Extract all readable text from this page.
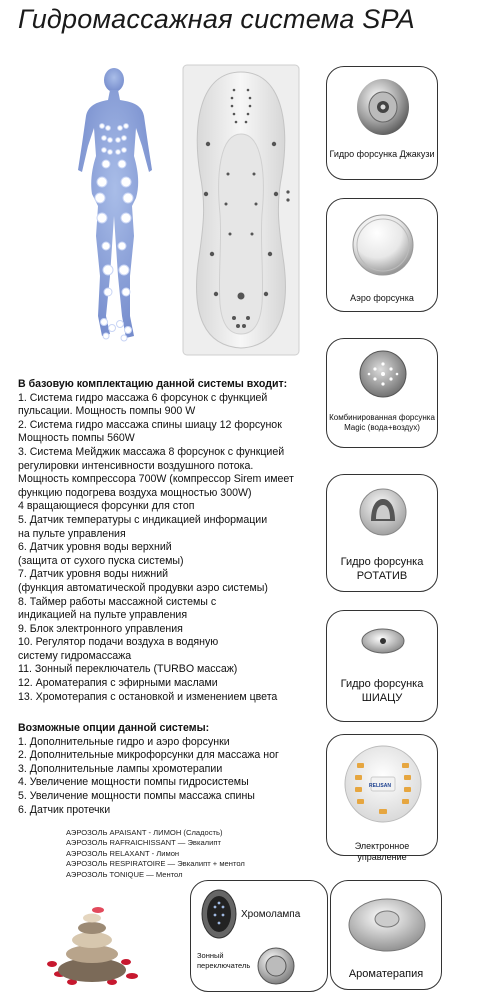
Гидромассажная система SPA
Гидро форсунка Джакузи
Аэро форсунка
Комбинированная форсунка Magic (вода+воздух)
Гидро форсунка РОТАТИВ
Гидро форсунка ШИАЦУ
RELISAN
Электронное управление
Ароматерапия
Хромолампа
Зонный переключатель
В базовую комплектацию данной системы входит:
1. Система гидро массажа 6 форсунок с функцией
пульсации. Мощность помпы 900 W
2. Система гидро массажа спины шиацу 12 форсунок
Мощность помпы 560W
3. Система Мейджик массажа 8 форсунок с функцией
регулировки интенсивности воздушного потока.
Мощность компрессора 700W (компрессор Sirem имеет
функцию подогрева воздуха мощностью 300W)
4 вращающиеся форсунки для стоп
5. Датчик температуры с индикацией информации
на пульте управления
6. Датчик уровня воды верхний
(защита от сухого пуска системы)
7. Датчик уровня воды нижний
(функция автоматической продувки аэро системы)
8. Таймер работы массажной системы с
индикацией на пульте управления
9. Блок электронного управления
10. Регулятор подачи воздуха в водяную
систему гидромассажа
11. Зонный переключатель (TURBO массаж)
12. Ароматерапия с эфирными маслами
13. Хромотерапия с остановкой и изменением цвета
Возможные опции данной системы:
1. Дополнительные гидро и аэро форсунки
2. Дополнительные микрофорсунки для массажа ног
3. Дополнительные лампы хромотерапии
4. Увеличение мощности помпы гидросистемы
5. Увеличение мощности помпы массажа спины
6. Датчик протечки
АЭРОЗОЛЬ APAISANT - ЛИМОН (Сладость)
АЭРОЗОЛЬ RAFRAICHISSANT — Эвкалипт
АЭРОЗОЛЬ RELAXANT - Лимон
АЭРОЗОЛЬ RESPIRATOIRE — Эвкалипт + ментол
АЭРОЗОЛЬ TONIQUE — Ментол
